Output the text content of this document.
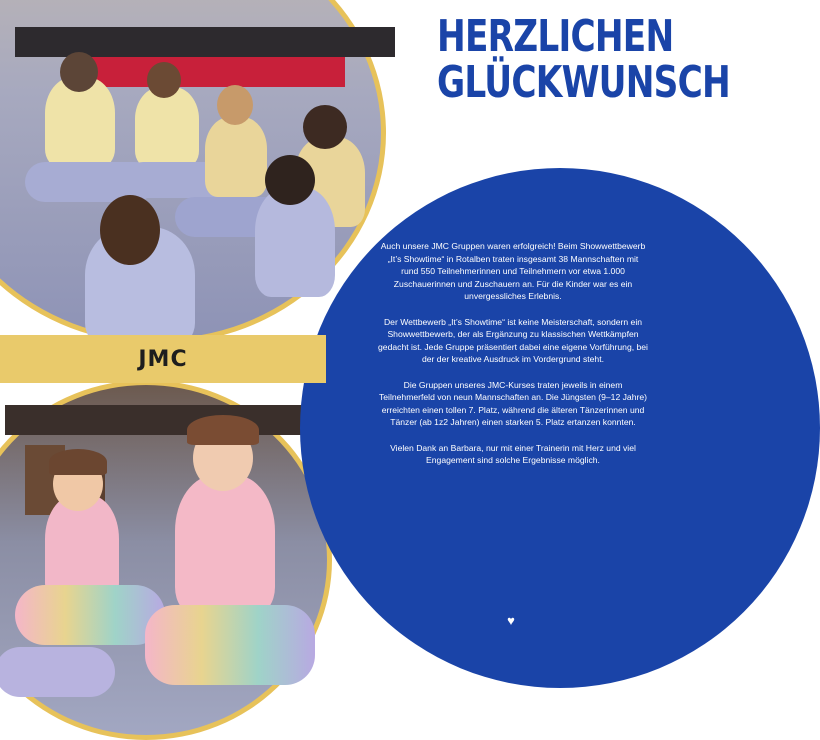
HERZLICHEN
GLÜCKWUNSCH
JMC

Auch unsere JMC Gruppen waren erfolgreich! Beim Showwettbewerb „It’s Showtime“ in Rotalben traten insgesamt 38 Mannschaften mit rund 550 Teilnehmerinnen und Teilnehmern vor etwa 1.000 Zuschauerinnen und Zuschauern an. Für die Kinder war es ein unvergessliches Erlebnis.

Der Wettbewerb „It’s Showtime“ ist keine Meisterschaft, sondern ein Showwettbewerb, der als Ergänzung zu klassischen Wettkämpfen gedacht ist. Jede Gruppe präsentiert dabei eine eigene Vorführung, bei der der kreative Ausdruck im Vordergrund steht.

Die Gruppen unseres JMC-Kurses traten jeweils in einem Teilnehmerfeld von neun Mannschaften an. Die Jüngsten (9–12 Jahre) erreichten einen tollen 7. Platz, während die älteren Tänzerinnen und Tänzer (ab 1z2 Jahren) einen starken 5. Platz ertanzen konnten.

Vielen Dank an Barbara, nur mit einer Trainerin mit Herz und viel Engagement sind solche Ergebnisse möglich.

♥
